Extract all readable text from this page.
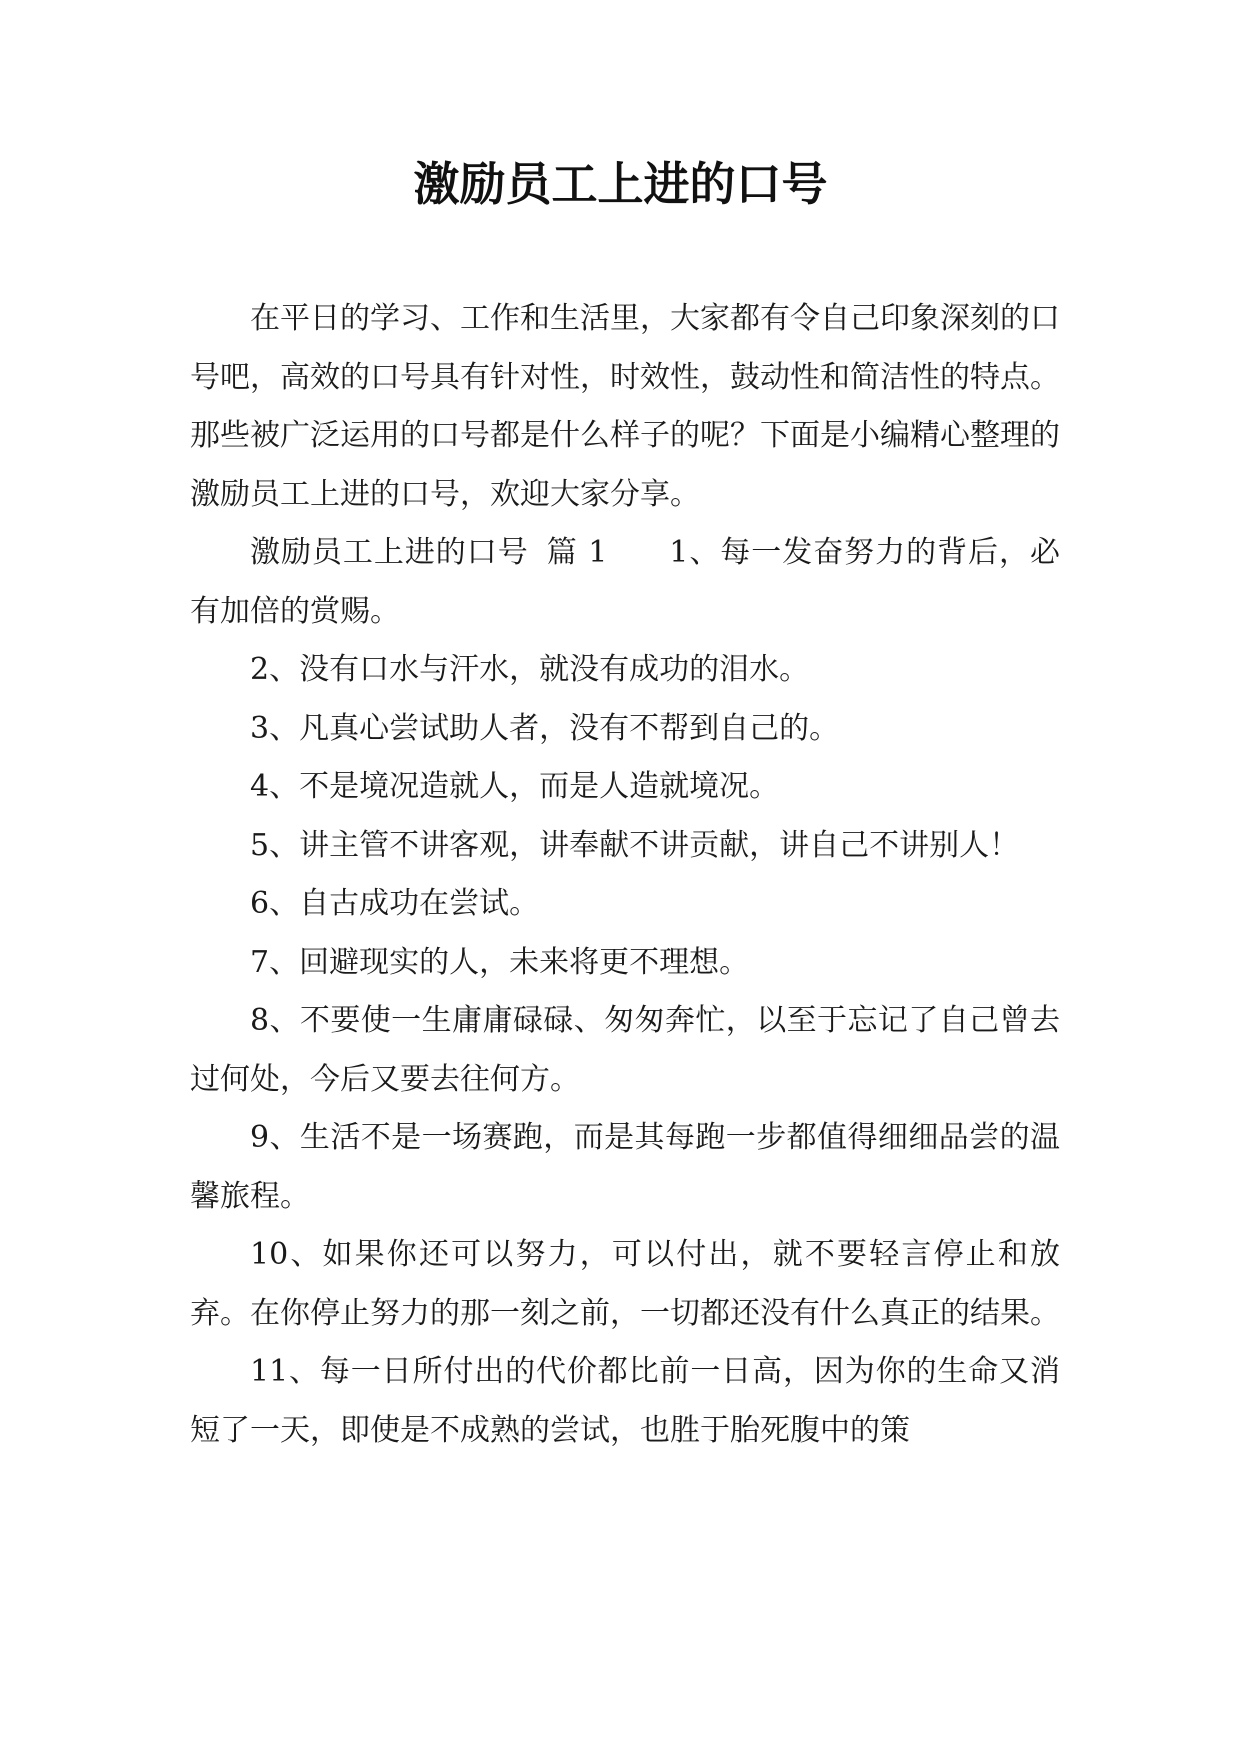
激励员工上进的口号

在平日的学习、工作和生活里，大家都有令自己印象深刻的口号吧，高效的口号具有针对性，时效性，鼓动性和简洁性的特点。那些被广泛运用的口号都是什么样子的呢？下面是小编精心整理的激励员工上进的口号，欢迎大家分享。

激励员工上进的口号 篇 1 1、每一发奋努力的背后，必有加倍的赏赐。

2、没有口水与汗水，就没有成功的泪水。

3、凡真心尝试助人者，没有不帮到自己的。

4、不是境况造就人，而是人造就境况。

5、讲主管不讲客观，讲奉献不讲贡献，讲自己不讲别人！

6、自古成功在尝试。

7、回避现实的人，未来将更不理想。

8、不要使一生庸庸碌碌、匆匆奔忙，以至于忘记了自己曾去过何处，今后又要去往何方。

9、生活不是一场赛跑，而是其每跑一步都值得细细品尝的温馨旅程。

10、如果你还可以努力，可以付出，就不要轻言停止和放弃。在你停止努力的那一刻之前，一切都还没有什么真正的结果。

11、每一日所付出的代价都比前一日高，因为你的生命又消短了一天，即使是不成熟的尝试，也胜于胎死腹中的策
